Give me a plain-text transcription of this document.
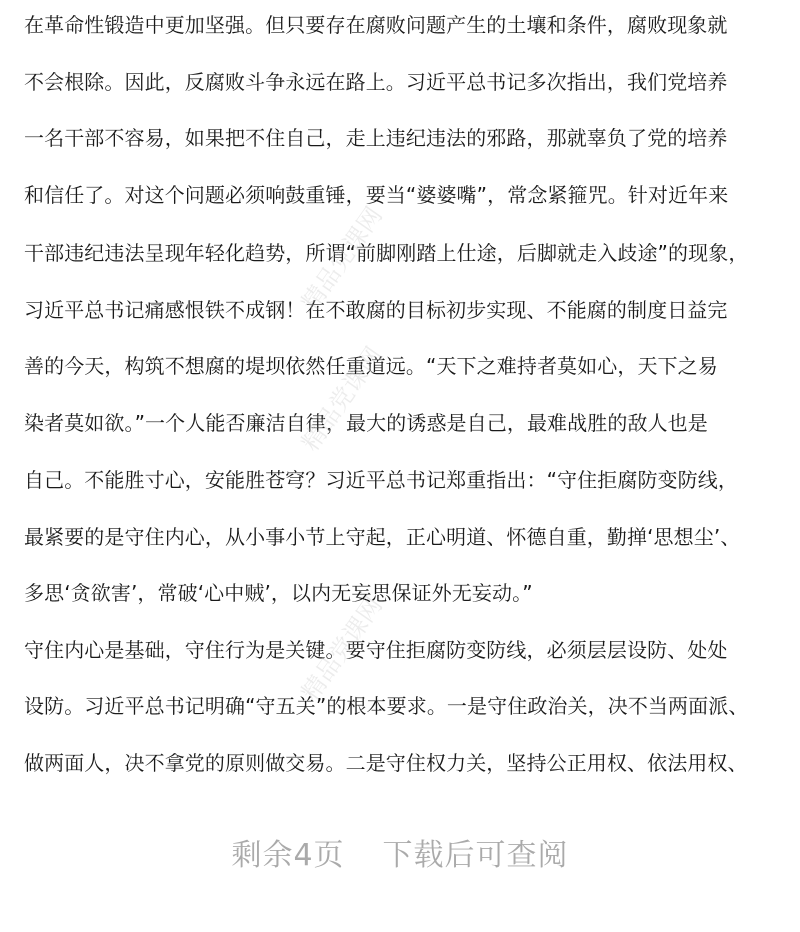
在革命性锻造中更加坚强。但只要存在腐败问题产生的土壤和条件，腐败现象就
不会根除。因此，反腐败斗争永远在路上。习近平总书记多次指出，我们党培养
一名干部不容易，如果把不住自己，走上违纪违法的邪路，那就辜负了党的培养
和信任了。对这个问题必须响鼓重锤，要当“婆婆嘴”，常念紧箍咒。针对近年来
干部违纪违法呈现年轻化趋势，所谓“前脚刚踏上仕途，后脚就走入歧途”的现象，
习近平总书记痛感恨铁不成钢！在不敢腐的目标初步实现、不能腐的制度日益完
善的今天，构筑不想腐的堤坝依然任重道远。“天下之难持者莫如心，天下之易
染者莫如欲。”一个人能否廉洁自律，最大的诱惑是自己，最难战胜的敌人也是
自己。不能胜寸心，安能胜苍穹？习近平总书记郑重指出：“守住拒腐防变防线，
最紧要的是守住内心，从小事小节上守起，正心明道、怀德自重，勤掸‘思想尘’、
多思‘贪欲害’，常破‘心中贼’，以内无妄思保证外无妄动。”
守住内心是基础，守住行为是关键。要守住拒腐防变防线，必须层层设防、处处
设防。习近平总书记明确“守五关”的根本要求。一是守住政治关，决不当两面派、
做两面人，决不拿党的原则做交易。二是守住权力关，坚持公正用权、依法用权、
精品党课网
精品党课网
精品党课网
剩余4页 下载后可查阅
